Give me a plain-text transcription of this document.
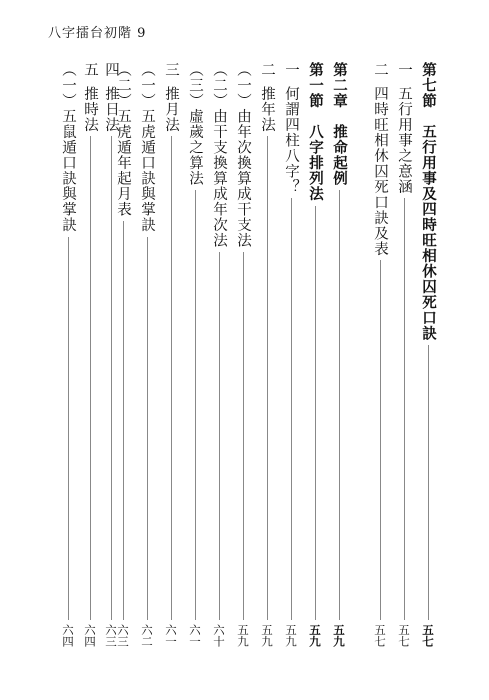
八字擂台初階 9
第七節　五行用事及四時旺相休囚死口訣
五七
一
五行用事之意涵
五七
二
四時旺相休囚死口訣及表
五七
第二章　推命起例
五九
第一節　八字排列法
五九
一
何謂四柱八字？
五九
二
推年法
五九
（一）由年次換算成干支法
五九
（二）由干支換算成年次法
六十
（三）虛歲之算法
六一
三
推月法
六一
（一）五虎遁口訣與掌訣
六二
（二）五虎遁年起月表
六三
四
推日法
六三
五
推時法
六四
（一）五鼠遁口訣與掌訣
六四
